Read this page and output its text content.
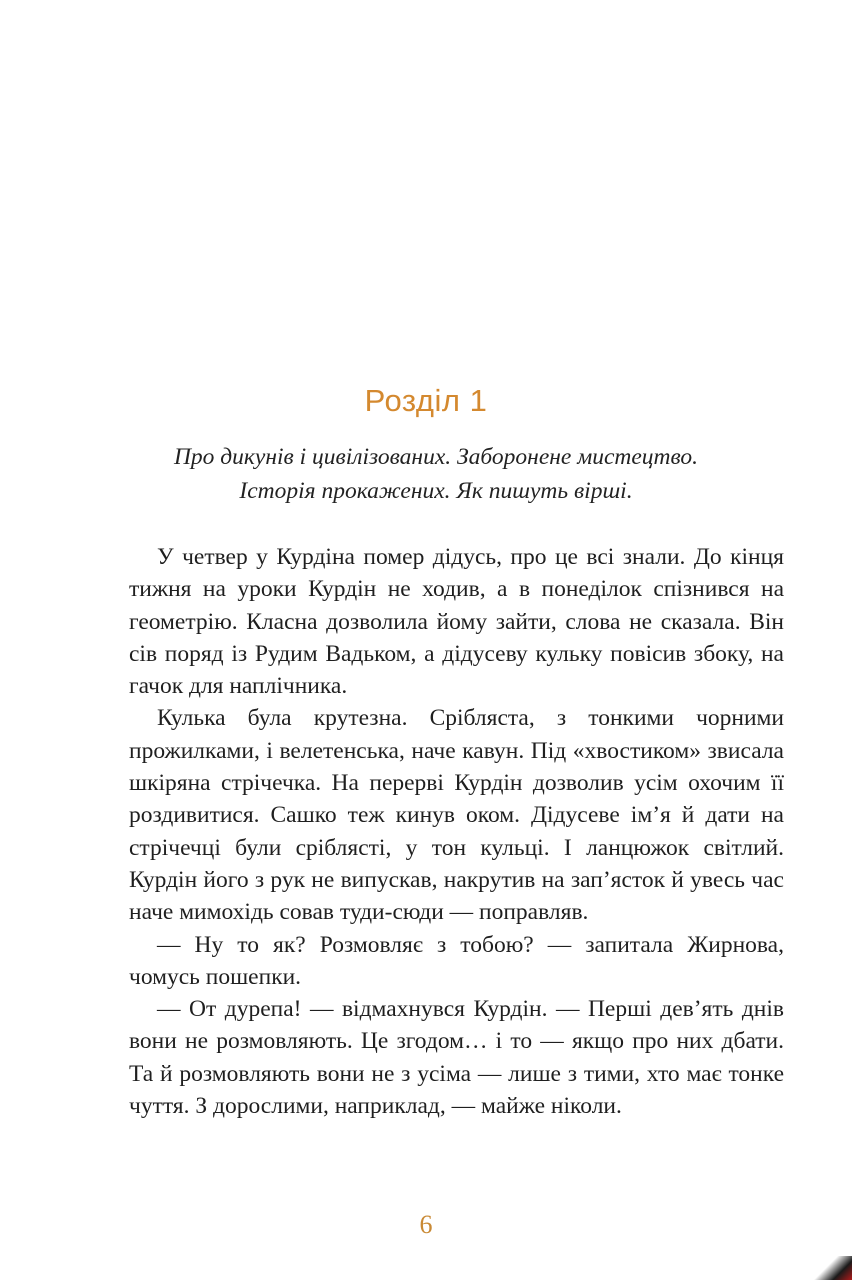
Розділ 1

Про дикунів і цивілізованих. Заборонене мистецтво.

Історія прокажених. Як пишуть вірші.

У четвер у Курдіна помер дідусь, про це всі знали. До кінця тижня на уроки Курдін не ходив, а в понеділок спізнився на геометрію. Класна дозволила йому зайти, слова не сказала. Він сів поряд із Рудим Вадьком, а дідусеву кульку повісив збоку, на гачок для наплічника.

Кулька була крутезна. Срібляста, з тонкими чорними прожилками, і велетенська, наче кавун. Під «хвостиком» звисала шкіряна стрічечка. На перерві Курдін дозволив усім охочим її роздивитися. Сашко теж кинув оком. Дідусеве ім’я й дати на стрічечці були сріблясті, у тон кульці. І ланцюжок світлий. Курдін його з рук не випускав, накрутив на зап’ясток й увесь час наче мимохідь совав туди-сюди — поправляв.

— Ну то як? Розмовляє з тобою? — запитала Жирнова, чомусь пошепки.

— От дурепа! — відмахнувся Курдін. — Перші дев’ять днів вони не розмовляють. Це згодом… і то — якщо про них дбати. Та й розмовляють вони не з усіма — лише з тими, хто має тонке чуття. З дорослими, наприклад, — майже ніколи.

6
